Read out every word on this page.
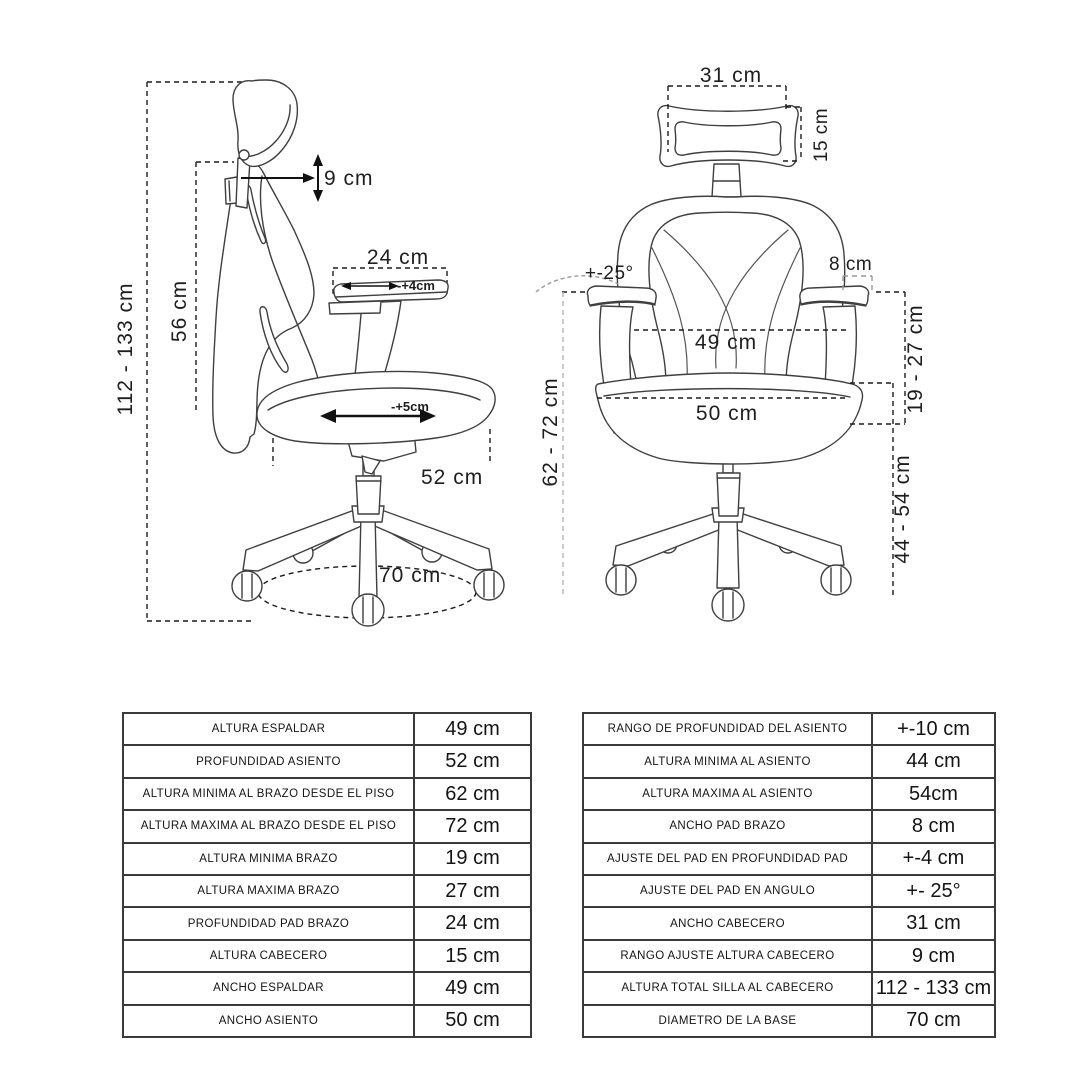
112 - 133 cm 56 cm
9 cm
24 cm
-+4cm
-+5cm
52 cm
70 cm
31 cm
15 cm
+-25°	8 cm
49 cm	19 - 27 cm
50 cm
62 - 72 cm
44 - 54 cm
ALTURA ESPALDAR	49 cm
PROFUNDIDAD ASIENTO	52 cm
ALTURA MINIMA AL BRAZO DESDE EL PISO	62 cm
ALTURA MAXIMA AL BRAZO DESDE EL PISO	72 cm
ALTURA MINIMA BRAZO	19 cm
ALTURA MAXIMA BRAZO	27 cm
PROFUNDIDAD PAD BRAZO	24 cm
ALTURA CABECERO	15 cm
ANCHO ESPALDAR	49 cm
ANCHO ASIENTO	50 cm
RANGO DE PROFUNDIDAD DEL ASIENTO	+-10 cm
ALTURA MINIMA AL ASIENTO	44 cm
ALTURA MAXIMA AL ASIENTO	54cm
ANCHO PAD BRAZO	8 cm
AJUSTE DEL PAD EN PROFUNDIDAD PAD	+-4 cm
AJUSTE DEL PAD EN ANGULO	+- 25°
ANCHO CABECERO	31 cm
RANGO AJUSTE ALTURA CABECERO	9 cm
ALTURA TOTAL SILLA AL CABECERO	112 - 133 cm
DIAMETRO DE LA BASE	70 cm
